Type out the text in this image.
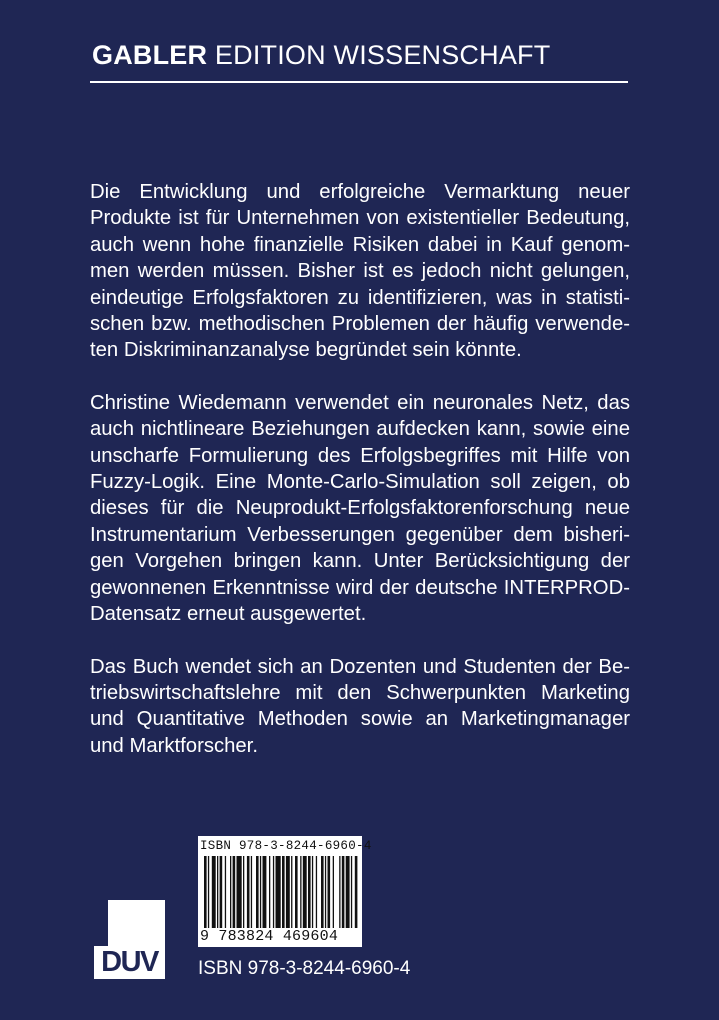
GABLER EDITION WISSENSCHAFT

Die Entwicklung und erfolgreiche Vermarktung neuer Produkte ist für Unternehmen von existentieller Bedeutung, auch wenn hohe finanzielle Risiken dabei in Kauf genommen werden müssen. Bisher ist es jedoch nicht gelungen, eindeutige Erfolgsfaktoren zu identifizieren, was in statistischen bzw. methodischen Problemen der häufig verwendeten Diskriminanzanalyse begründet sein könnte.

Christine Wiedemann verwendet ein neuronales Netz, das auch nichtlineare Beziehungen aufdecken kann, sowie eine unscharfe Formulierung des Erfolgsbegriffes mit Hilfe von Fuzzy-Logik. Eine Monte-Carlo-Simulation soll zeigen, ob dieses für die Neuprodukt-Erfolgsfaktorenforschung neue Instrumentarium Verbesserungen gegenüber dem bisherigen Vorgehen bringen kann. Unter Berücksichtigung der gewonnenen Erkenntnisse wird der deutsche INTERPROD-Datensatz erneut ausgewertet.

Das Buch wendet sich an Dozenten und Studenten der Betriebswirtschaftslehre mit den Schwerpunkten Marketing und Quantitative Methoden sowie an Marketingmanager und Marktforscher.

DUV
ISBN 978-3-8244-6960-4
9 783824 469604
ISBN 978-3-8244-6960-4
